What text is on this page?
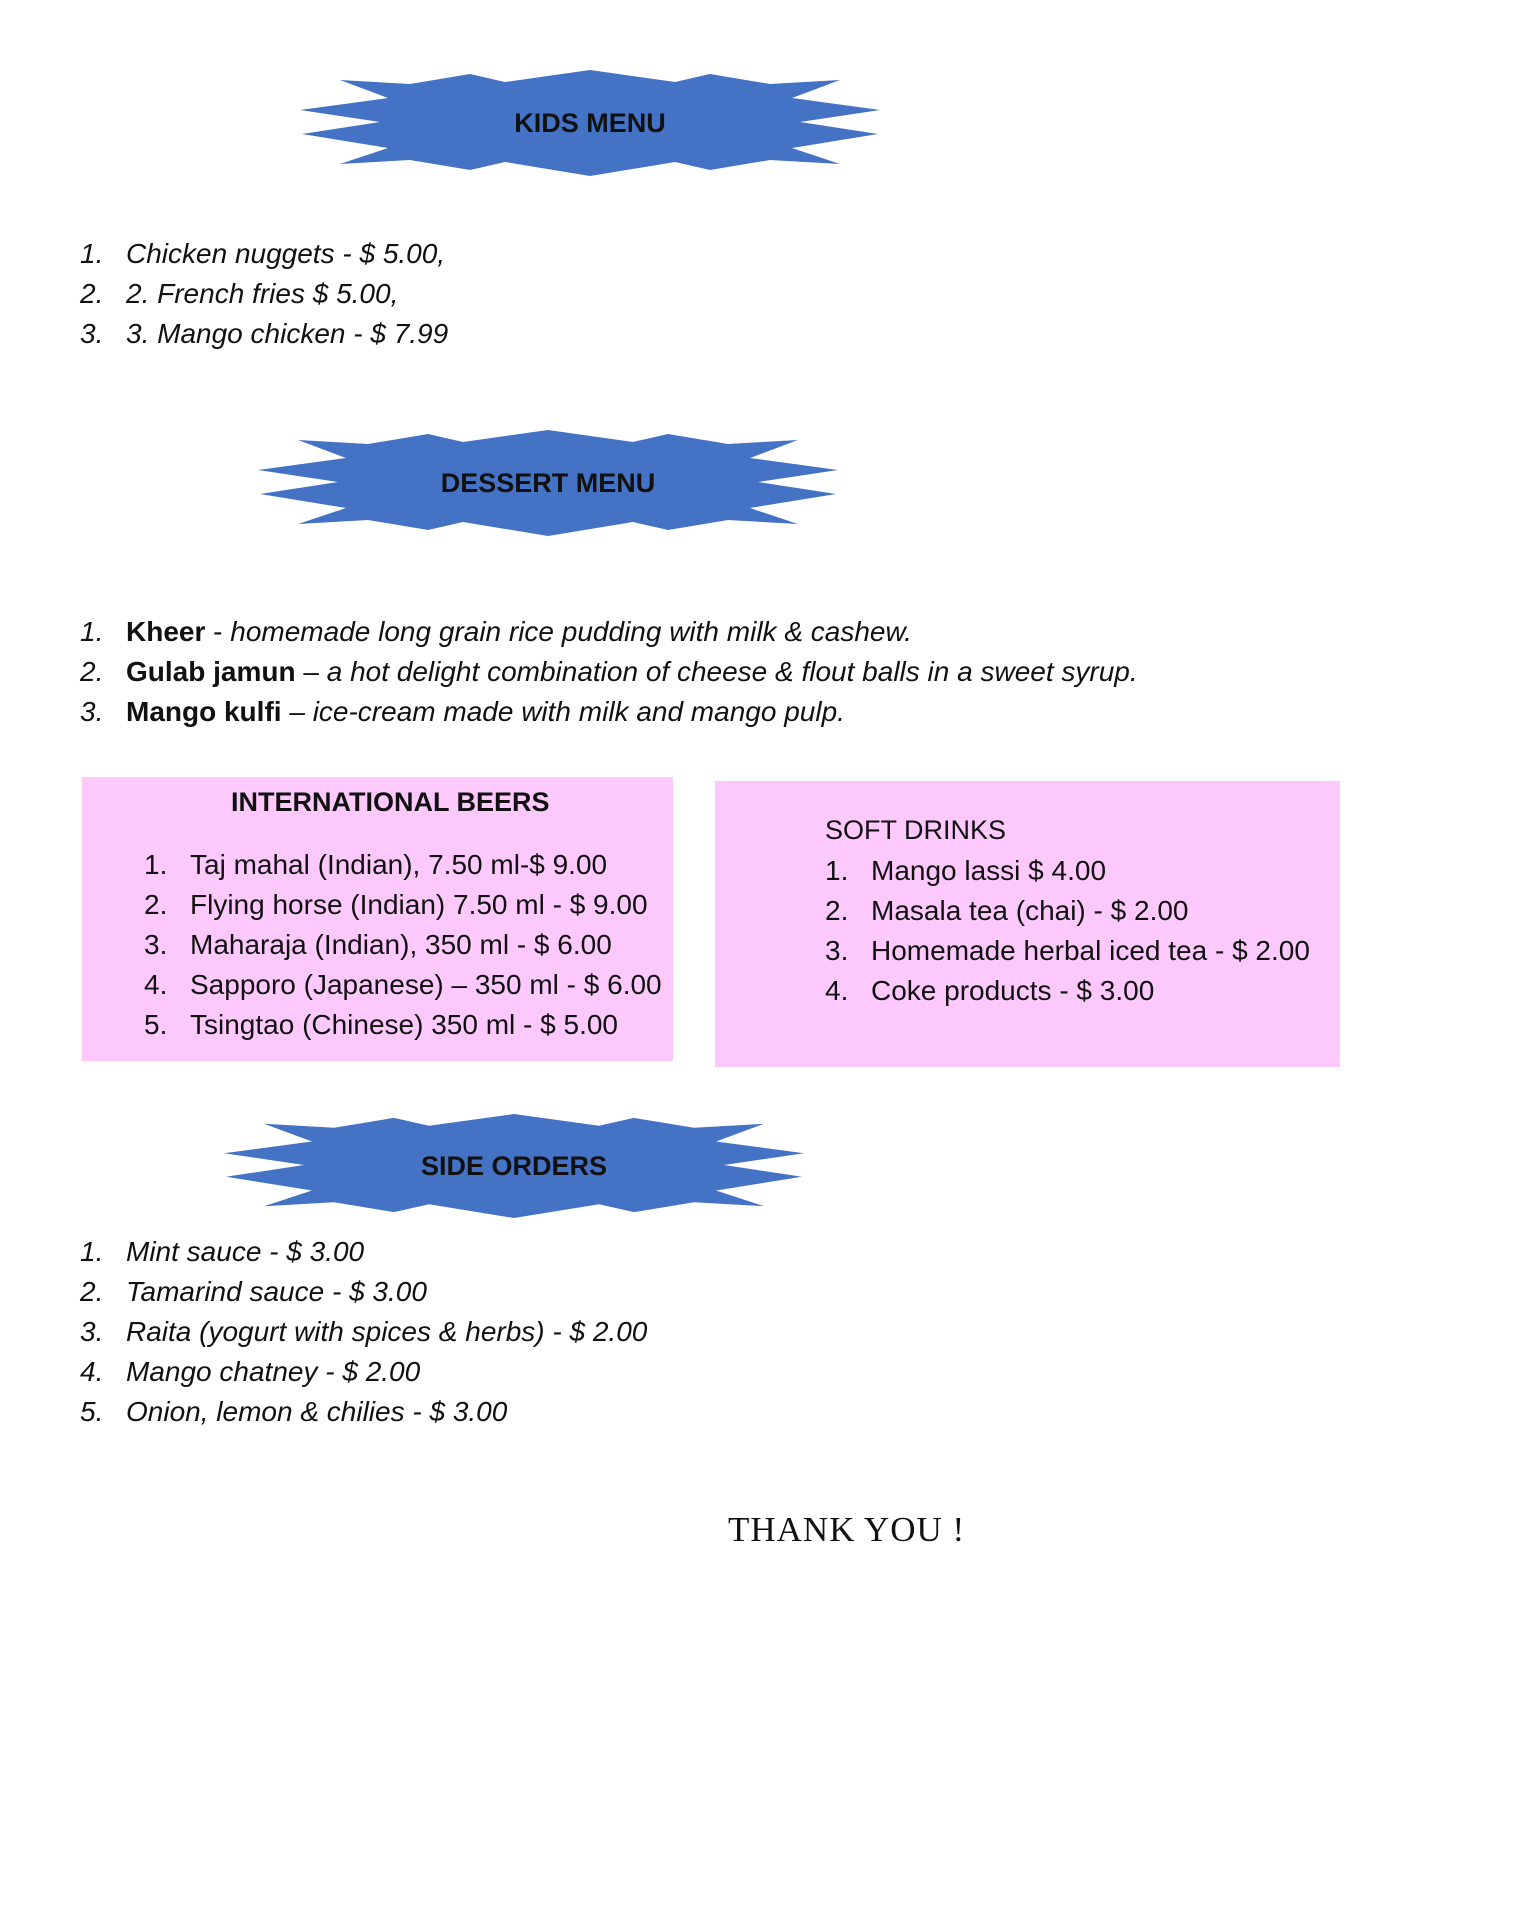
KIDS MENU
1. Chicken nuggets - $ 5.00,
2. 2. French fries $ 5.00,
3. 3. Mango chicken - $ 7.99
DESSERT MENU
1. Kheer - homemade long grain rice pudding with milk & cashew.
2. Gulab jamun – a hot delight combination of cheese & flout balls in a sweet syrup.
3. Mango kulfi – ice-cream made with milk and mango pulp.
INTERNATIONAL BEERS
1. Taj mahal (Indian), 7.50 ml-$ 9.00
2. Flying horse (Indian) 7.50 ml - $ 9.00
3. Maharaja (Indian), 350 ml - $ 6.00
4. Sapporo (Japanese) – 350 ml - $ 6.00
5. Tsingtao (Chinese) 350 ml - $ 5.00
SOFT DRINKS
1. Mango lassi $ 4.00
2. Masala tea (chai) - $ 2.00
3. Homemade herbal iced tea - $ 2.00
4. Coke products - $ 3.00
SIDE ORDERS
1. Mint sauce - $ 3.00
2. Tamarind sauce - $ 3.00
3. Raita (yogurt with spices & herbs) - $ 2.00
4. Mango chatney - $ 2.00
5. Onion, lemon & chilies - $ 3.00
THANK YOU !
